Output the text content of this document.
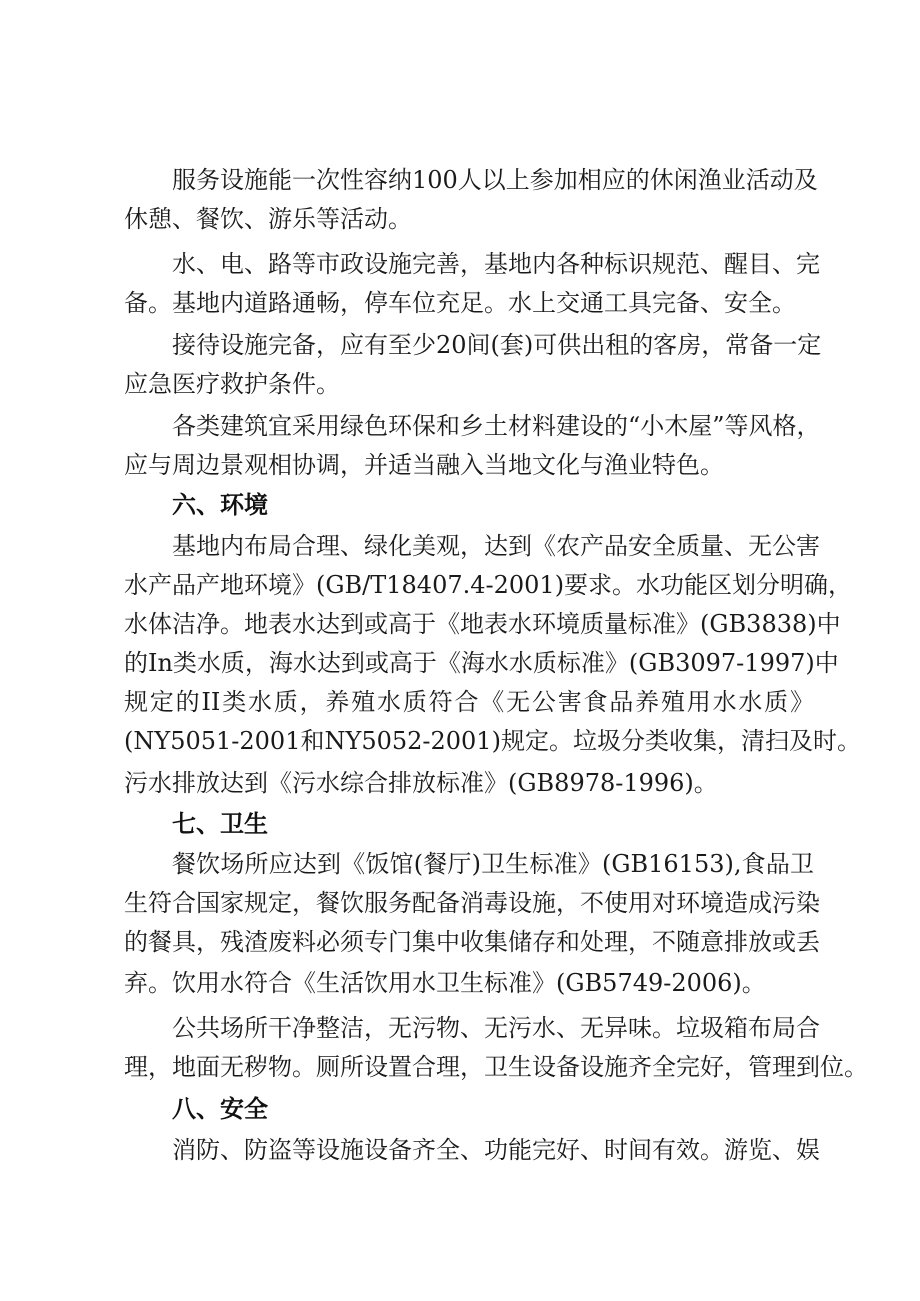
服务设施能一次性容纳100人以上参加相应的休闲渔业活动及
休憩、餐饮、游乐等活动。
水、电、路等市政设施完善，基地内各种标识规范、醒目、完
备。基地内道路通畅，停车位充足。水上交通工具完备、安全。
接待设施完备，应有至少20间(套)可供出租的客房，常备一定
应急医疗救护条件。
各类建筑宜采用绿色环保和乡土材料建设的“小木屋”等风格，
应与周边景观相协调，并适当融入当地文化与渔业特色。
六、环境
基地内布局合理、绿化美观，达到《农产品安全质量、无公害
水产品产地环境》(GB/T18407.4-2001)要求。水功能区划分明确，
水体洁净。地表水达到或高于《地表水环境质量标准》(GB3838)中
的In类水质，海水达到或高于《海水水质标准》(GB3097-1997)中
规定的II类水质，养殖水质符合《无公害食品养殖用水水质》
(NY5051-2001和NY5052-2001)规定。垃圾分类收集，清扫及时。
污水排放达到《污水综合排放标准》(GB8978-1996)。
七、卫生
餐饮场所应达到《饭馆(餐厅)卫生标准》(GB16153),食品卫
生符合国家规定，餐饮服务配备消毒设施，不使用对环境造成污染
的餐具，残渣废料必须专门集中收集储存和处理，不随意排放或丢
弃。饮用水符合《生活饮用水卫生标准》(GB5749-2006)。
公共场所干净整洁，无污物、无污水、无异味。垃圾箱布局合
理，地面无秽物。厕所设置合理，卫生设备设施齐全完好，管理到位。
八、安全
消防、防盗等设施设备齐全、功能完好、时间有效。游览、娱
